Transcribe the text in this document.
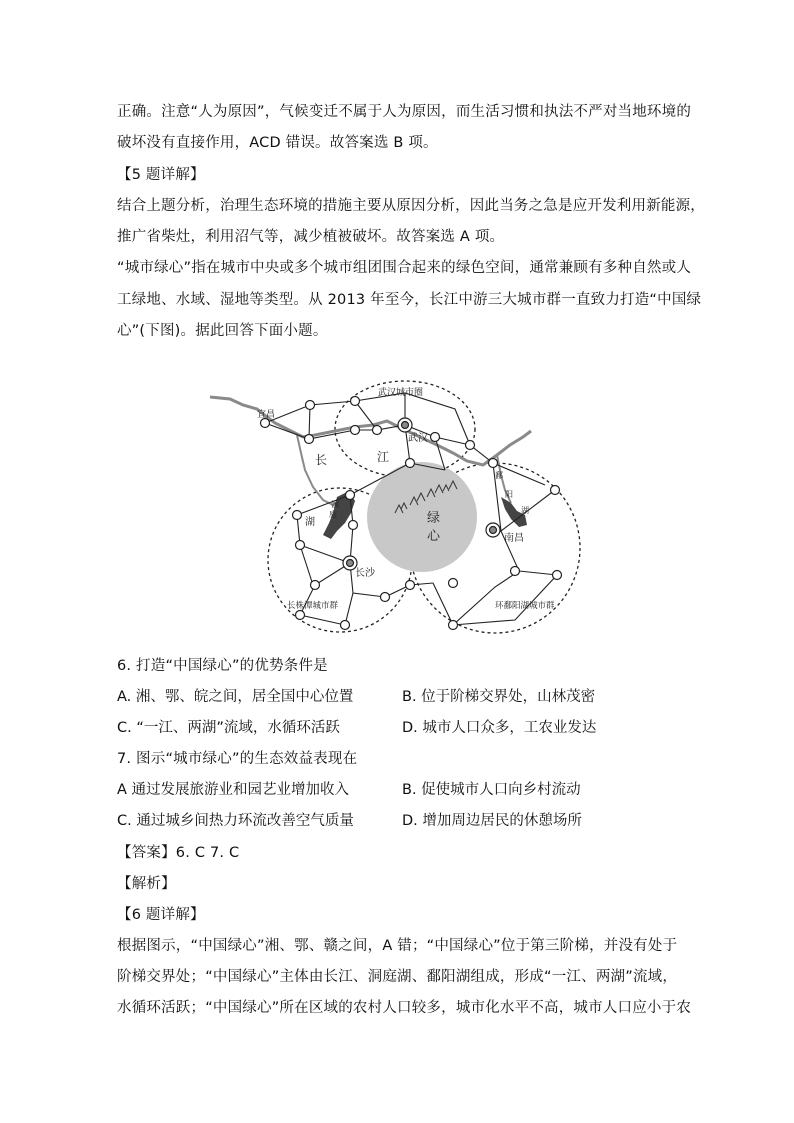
正确。注意“人为原因”，气候变迁不属于人为原因，而生活习惯和执法不严对当地环境的
破坏没有直接作用，ACD 错误。故答案选 B 项。
【5 题详解】
结合上题分析，治理生态环境的措施主要从原因分析，因此当务之急是应开发利用新能源，
推广省柴灶，利用沼气等，减少植被破坏。故答案选 A 项。
“城市绿心”指在城市中央或多个城市组团围合起来的绿色空间，通常兼顾有多种自然或人
工绿地、水域、湿地等类型。从 2013 年至今，长江中游三大城市群一直致力打造“中国绿
心”(下图)。据此回答下面小题。
宜昌
武汉城市圈
武汉
长	江
洞
庭
湖	绿
心
鄱
阳
湖
南昌
长沙
长株潭城市群	环鄱阳湖城市群
6. 打造“中国绿心”的优势条件是
A. 湘、鄂、皖之间，居全国中心位置	B. 位于阶梯交界处，山林茂密
C. “一江、两湖”流域，水循环活跃	D. 城市人口众多，工农业发达
7. 图示“城市绿心”的生态效益表现在
A 通过发展旅游业和园艺业增加收入	B. 促使城市人口向乡村流动
C. 通过城乡间热力环流改善空气质量	D. 增加周边居民的休憩场所
【答案】6. C 7. C
【解析】
【6 题详解】
根据图示，“中国绿心”湘、鄂、赣之间，A 错；“中国绿心”位于第三阶梯，并没有处于
阶梯交界处；“中国绿心”主体由长江、洞庭湖、鄱阳湖组成，形成“一江、两湖”流域，
水循环活跃；“中国绿心”所在区域的农村人口较多，城市化水平不高，城市人口应小于农
